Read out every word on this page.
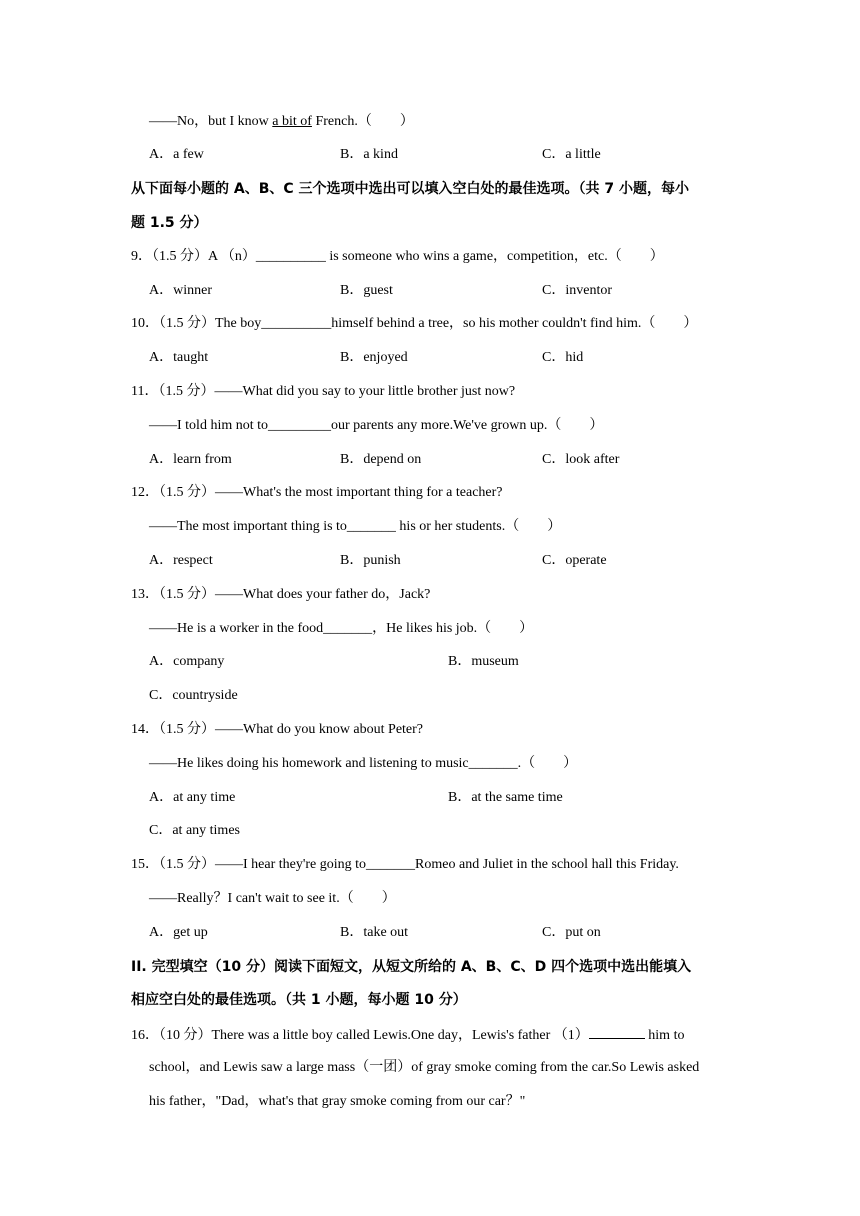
——No，but I know a bit of French.（　　）
A．a few	B．a kind	C．a little
从下面每小题的 A、B、C 三个选项中选出可以填入空白处的最佳选项。（共 7 小题，每小
题 1.5 分）
9．（1.5 分）A （n）__________ is someone who wins a game，competition，etc.（　　）
A．winner	B．guest	C．inventor
10．（1.5 分）The boy__________himself behind a tree，so his mother couldn't find him.（　　）
A．taught	B．enjoyed	C．hid
11．（1.5 分）——What did you say to your little brother just now?
——I told him not to_________our parents any more.We've grown up.（　　）
A．learn from	B．depend on	C．look after
12．（1.5 分）——What's the most important thing for a teacher?
——The most important thing is to_______ his or her students.（　　）
A．respect	B．punish	C．operate
13．（1.5 分）——What does your father do，Jack?
——He is a worker in the food_______，He likes his job.（　　）
A．company	B．museum
C．countryside
14．（1.5 分）——What do you know about Peter?
——He likes doing his homework and listening to music_______.（　　）
A．at any time	B．at the same time
C．at any times
15．（1.5 分）——I hear they're going to_______Romeo and Juliet in the school hall this Friday.
——Really？I can't wait to see it.（　　）
A．get up	B．take out	C．put on
II. 完型填空（10 分）阅读下面短文，从短文所给的 A、B、C、D 四个选项中选出能填入
相应空白处的最佳选项。（共 1 小题，每小题 10 分）
16．（10 分）There was a little boy called Lewis.One day，Lewis's father （1）	him to
school，and Lewis saw a large mass（一团）of gray smoke coming from the car.So Lewis asked
his father，"Dad，what's that gray smoke coming from our car？"
